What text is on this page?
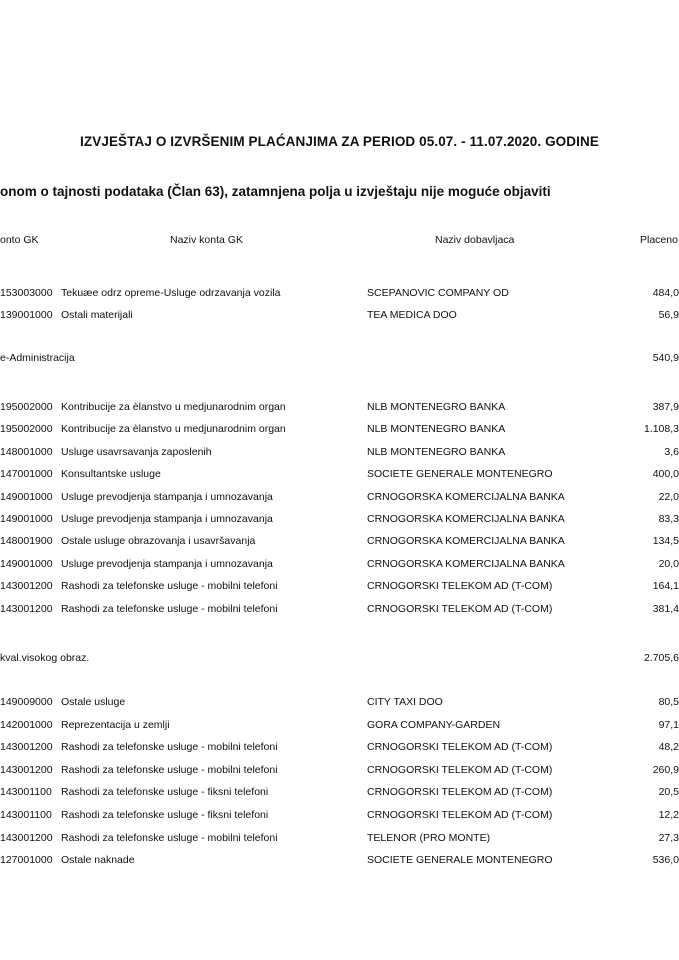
IZVJEŠTAJ O IZVRŠENIM PLAĆANJIMA ZA PERIOD 05.07. - 11.07.2020. GODINE
onom o tajnosti podataka (Član 63), zatamnjena polja u izvještaju nije moguće objaviti
onto GK	Naziv konta GK	Naziv dobavljaca	Placeno
153003000 Tekuæe odrz opreme-Usluge odrzavanja vozila	SCEPANOVIC COMPANY OD	484,0
139001000 Ostali materijali	TEA MEDICA DOO	56,9
e-Administracija	540,9
195002000 Kontribucije za èlanstvo u medjunarodnim organ	NLB MONTENEGRO BANKA	387,9
195002000 Kontribucije za èlanstvo u medjunarodnim organ	NLB MONTENEGRO BANKA	1.108,3
148001000 Usluge usavrsavanja zaposlenih	NLB MONTENEGRO BANKA	3,6
147001000 Konsultantske usluge	SOCIETE GENERALE MONTENEGRO	400,0
149001000 Usluge prevodjenja stampanja i umnozavanja	CRNOGORSKA KOMERCIJALNA BANKA	22,0
149001000 Usluge prevodjenja stampanja i umnozavanja	CRNOGORSKA KOMERCIJALNA BANKA	83,3
148001900 Ostale usluge obrazovanja i usavršavanja	CRNOGORSKA KOMERCIJALNA BANKA	134,5
149001000 Usluge prevodjenja stampanja i umnozavanja	CRNOGORSKA KOMERCIJALNA BANKA	20,0
143001200 Rashodi za telefonske usluge - mobilni telefoni	CRNOGORSKI TELEKOM AD (T-COM)	164,1
143001200 Rashodi za telefonske usluge - mobilni telefoni	CRNOGORSKI TELEKOM AD (T-COM)	381,4
kval.visokog obraz.	2.705,6
149009000 Ostale usluge	CITY TAXI DOO	80,5
142001000 Reprezentacija u zemlji	GORA COMPANY-GARDEN	97,1
143001200 Rashodi za telefonske usluge - mobilni telefoni	CRNOGORSKI TELEKOM AD (T-COM)	48,2
143001200 Rashodi za telefonske usluge - mobilni telefoni	CRNOGORSKI TELEKOM AD (T-COM)	260,9
143001100 Rashodi za telefonske usluge - fiksni telefoni	CRNOGORSKI TELEKOM AD (T-COM)	20,5
143001100 Rashodi za telefonske usluge - fiksni telefoni	CRNOGORSKI TELEKOM AD (T-COM)	12,2
143001200 Rashodi za telefonske usluge - mobilni telefoni	TELENOR (PRO MONTE)	27,3
127001000 Ostale naknade	SOCIETE GENERALE MONTENEGRO	536,0
